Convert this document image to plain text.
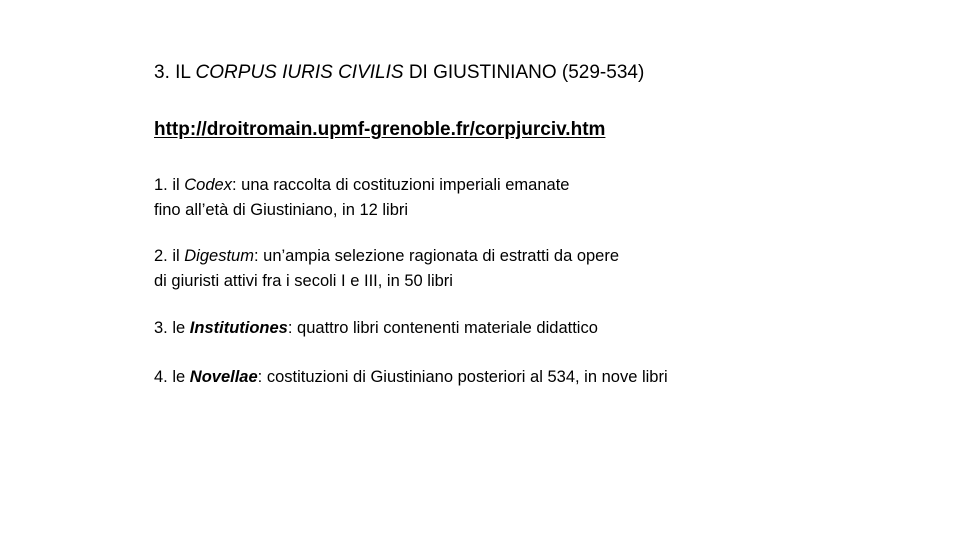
3. IL CORPUS IURIS CIVILIS DI GIUSTINIANO (529-534)
http://droitromain.upmf-grenoble.fr/corpjurciv.htm
1. il Codex: una raccolta di costituzioni imperiali emanate
fino all’età di Giustiniano, in 12 libri
2. il Digestum: un’ampia selezione ragionata di estratti da opere
di giuristi attivi fra i secoli I e III, in 50 libri
3. le Institutiones: quattro libri contenenti materiale didattico
4. le Novellae: costituzioni di Giustiniano posteriori al 534, in nove libri
